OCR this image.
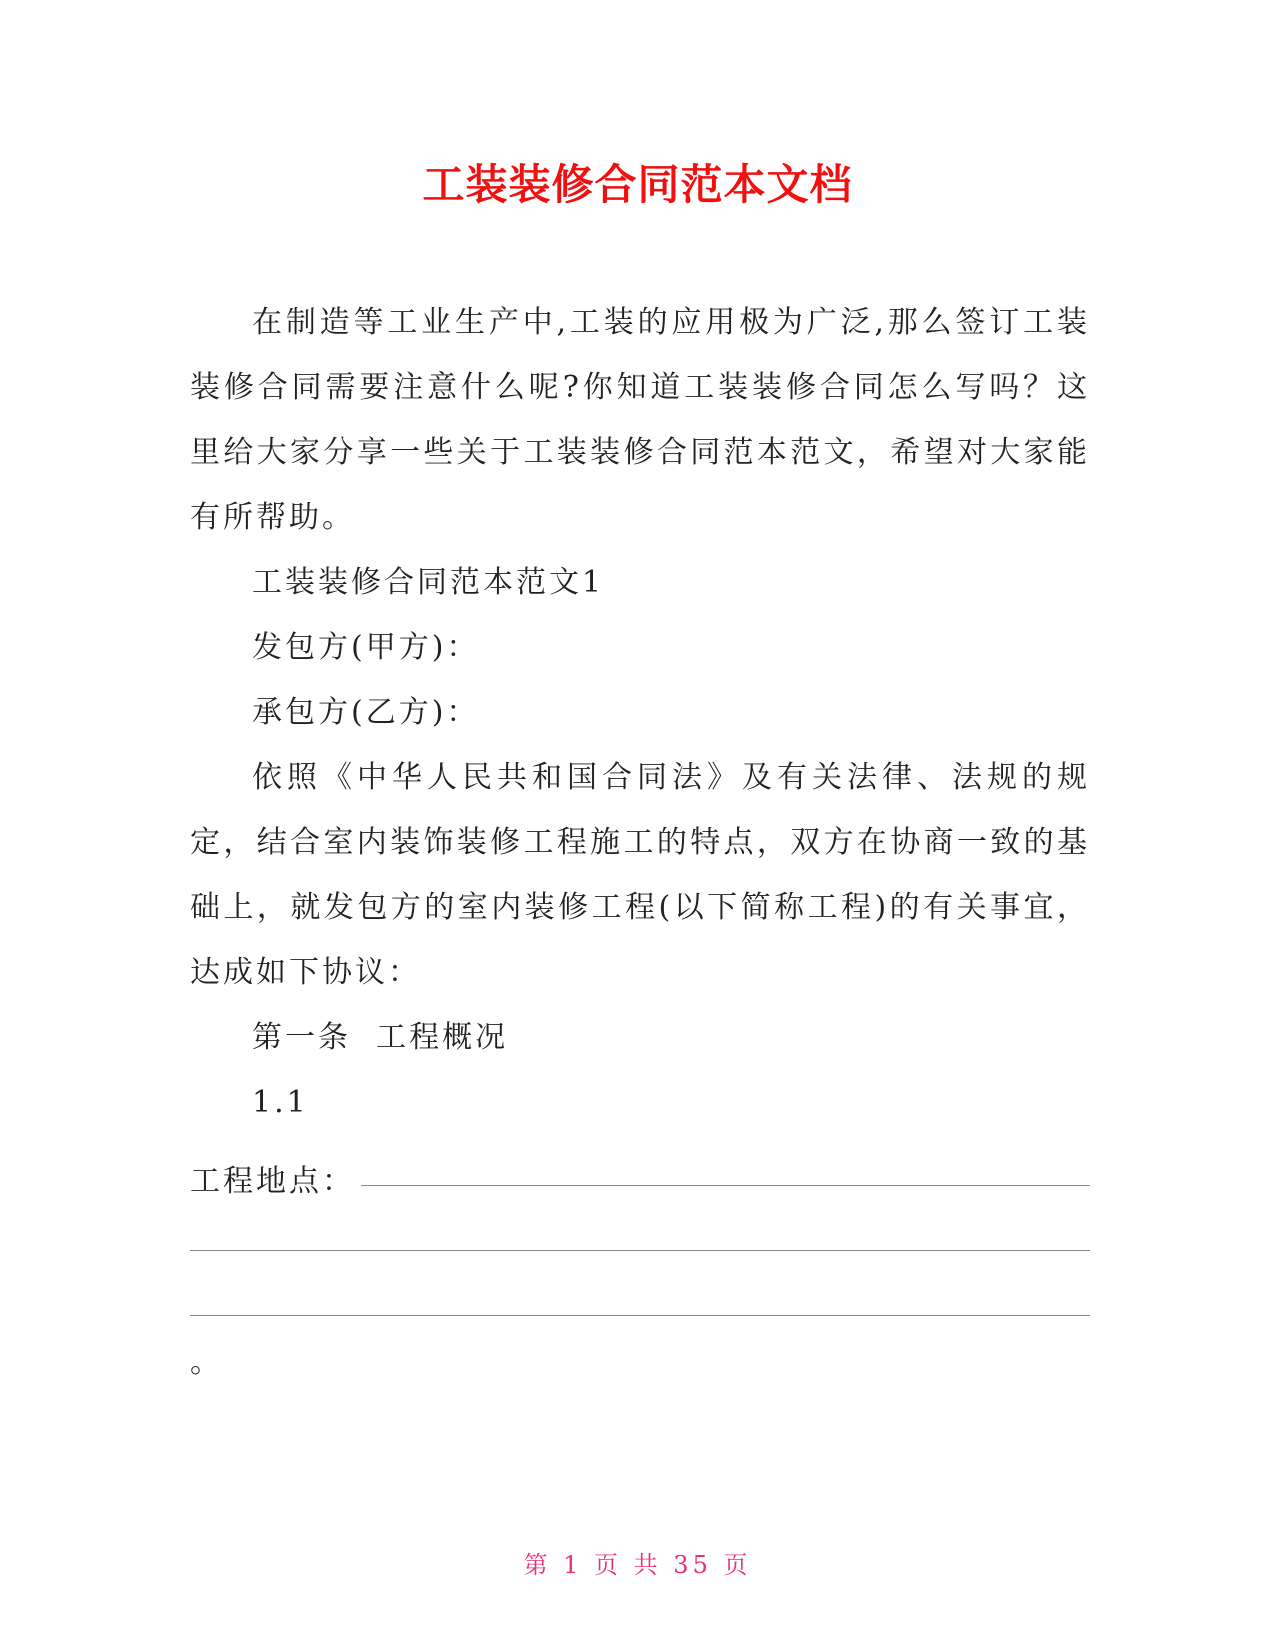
工装装修合同范本文档

在制造等工业生产中,工装的应用极为广泛,那么签订工装装修合同需要注意什么呢?你知道工装装修合同怎么写吗？这里给大家分享一些关于工装装修合同范本范文，希望对大家能有所帮助。

工装装修合同范本范文1

发包方(甲方)：

承包方(乙方)：

依照《中华人民共和国合同法》及有关法律、法规的规定，结合室内装饰装修工程施工的特点，双方在协商一致的基础上，就发包方的室内装修工程(以下简称工程)的有关事宜，达成如下协议：

第一条  工程概况

1.1

工程地点：

。

第 1 页 共 35 页
